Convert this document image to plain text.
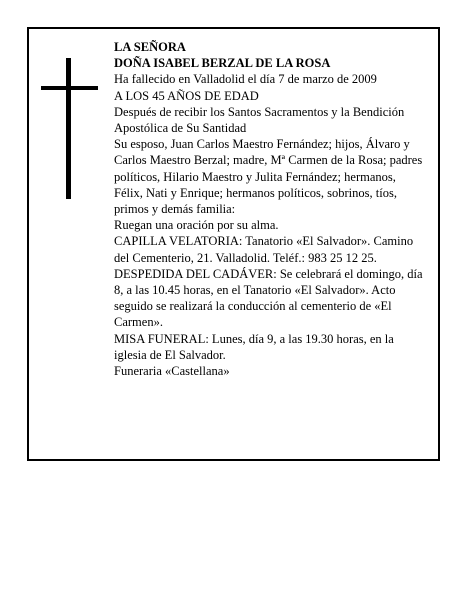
LA SEÑORA

DOÑA ISABEL BERZAL DE LA ROSA

Ha fallecido en Valladolid el día 7 de marzo de 2009

A LOS 45 AÑOS DE EDAD

Después de recibir los Santos Sacramentos y la Bendición Apostólica de Su Santidad

Su esposo, Juan Carlos Maestro Fernández; hijos, Álvaro y Carlos Maestro Berzal; madre, Mª Carmen de la Rosa; padres políticos, Hilario Maestro y Julita Fernández; hermanos, Félix, Nati y Enrique; hermanos políticos, sobrinos, tíos, primos y demás familia:

Ruegan una oración por su alma.

CAPILLA VELATORIA: Tanatorio «El Salvador». Camino del Cementerio, 21. Valladolid. Teléf.: 983 25 12 25.

DESPEDIDA DEL CADÁVER: Se celebrará el domingo, día 8, a las 10.45 horas, en el Tanatorio «El Salvador». Acto seguido se realizará la conducción al cementerio de «El Carmen».

MISA FUNERAL: Lunes, día 9, a las 19.30 horas, en la iglesia de El Salvador.

Funeraria «Castellana»
